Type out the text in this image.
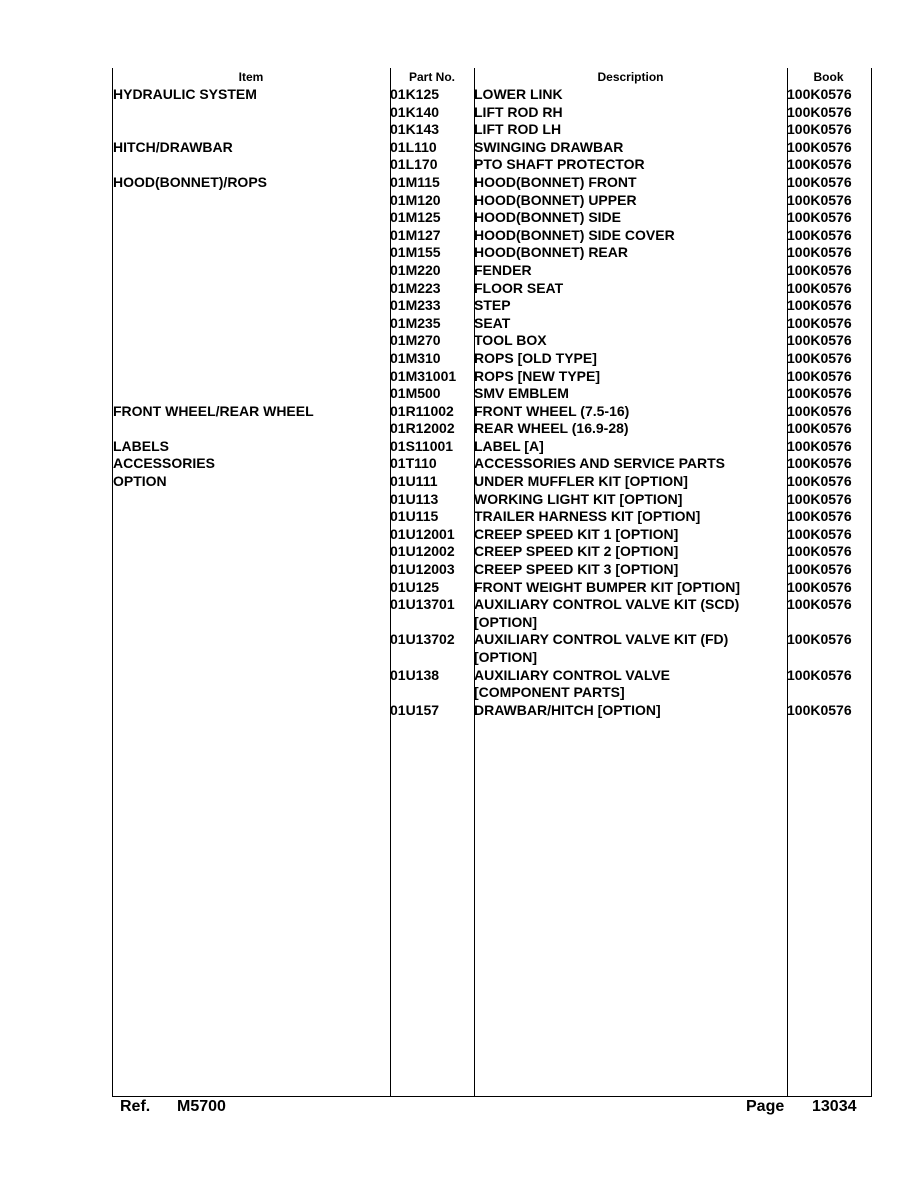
Item	Part No.	Description	Book
HYDRAULIC SYSTEM	01K125	LOWER LINK	100K0576

	01K140	LIFT ROD RH	100K0576

	01K143	LIFT ROD LH	100K0576

HITCH/DRAWBAR	01L110	SWINGING DRAWBAR	100K0576

	01L170	PTO SHAFT PROTECTOR	100K0576

HOOD(BONNET)/ROPS	01M115	HOOD(BONNET) FRONT	100K0576

	01M120	HOOD(BONNET) UPPER	100K0576

	01M125	HOOD(BONNET) SIDE	100K0576

	01M127	HOOD(BONNET) SIDE COVER	100K0576

	01M155	HOOD(BONNET) REAR	100K0576

	01M220	FENDER	100K0576

	01M223	FLOOR SEAT	100K0576

	01M233	STEP	100K0576

	01M235	SEAT	100K0576

	01M270	TOOL BOX	100K0576

	01M310	ROPS [OLD TYPE]	100K0576

	01M31001	ROPS [NEW TYPE]	100K0576

	01M500	SMV EMBLEM	100K0576

FRONT WHEEL/REAR WHEEL	01R11002	FRONT WHEEL (7.5-16)	100K0576

	01R12002	REAR WHEEL (16.9-28)	100K0576

LABELS	01S11001	LABEL [A]	100K0576

ACCESSORIES	01T110	ACCESSORIES AND SERVICE PARTS	100K0576

OPTION	01U111	UNDER MUFFLER KIT [OPTION]	100K0576

	01U113	WORKING LIGHT KIT [OPTION]	100K0576

	01U115	TRAILER HARNESS KIT [OPTION]	100K0576

	01U12001	CREEP SPEED KIT 1 [OPTION]	100K0576

	01U12002	CREEP SPEED KIT 2 [OPTION]	100K0576

	01U12003	CREEP SPEED KIT 3 [OPTION]	100K0576

	01U125	FRONT WEIGHT BUMPER KIT [OPTION]	100K0576

	01U13701	AUXILIARY CONTROL VALVE KIT (SCD)
[OPTION]	100K0576

	01U13702	AUXILIARY CONTROL VALVE KIT (FD)
[OPTION]	100K0576

	01U138	AUXILIARY CONTROL VALVE
[COMPONENT PARTS]	100K0576

	01U157	DRAWBAR/HITCH [OPTION]	100K0576
Ref. M5700	Page 13034
